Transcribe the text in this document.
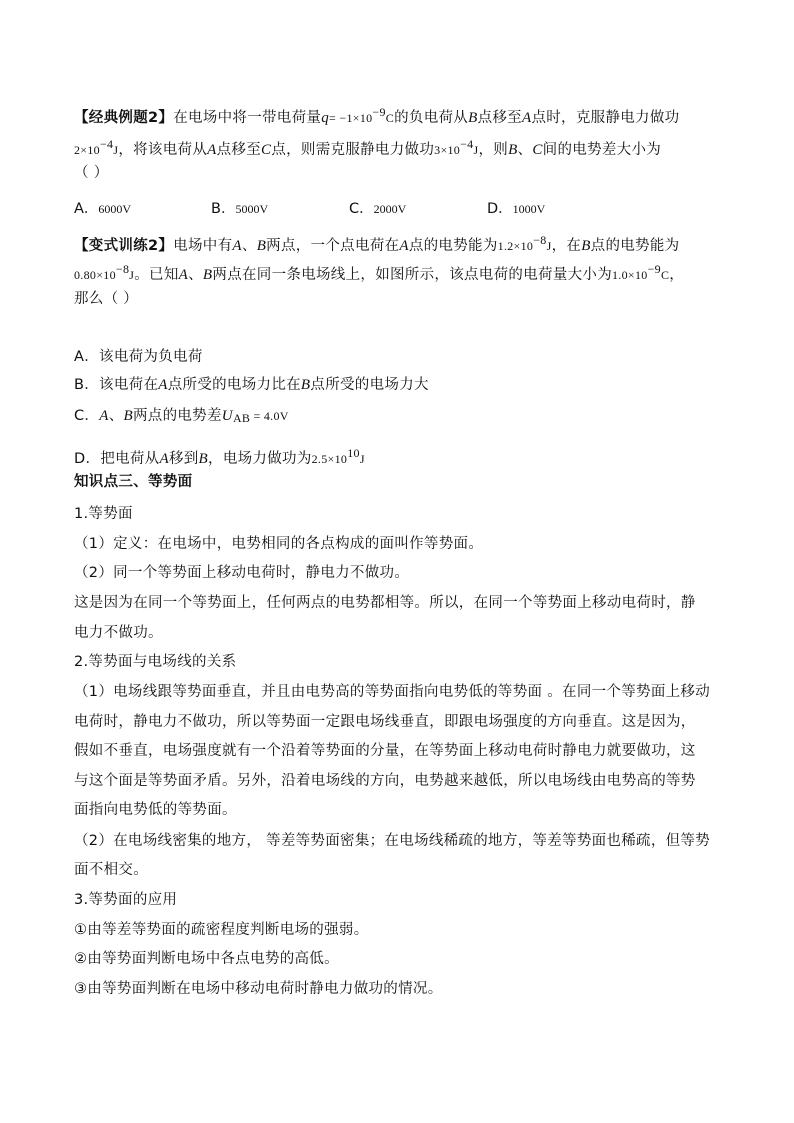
【经典例题2】在电场中将一带电荷量$q= -1\times 10^{-9}C$的负电荷从B点移至A点时，克服静电力做功
$2\times 10^{-4}J$，将该电荷从A点移至C点，则需克服静电力做功$3\times 10^{-4}J$，则B、C间的电势差大小为
（ ）
A．6000V	B．5000V	C．2000V	D．1000V
【变式训练2】电场中有A、B两点，一个点电荷在A点的电势能为$1.2\times 10^{-8}J$，在B点的电势能为
$0.80\times 10^{-8}J$。已知A、B两点在同一条电场线上，如图所示，该点电荷的电荷量大小为$1.0\times 10^{-9}C$，
那么（ ）
A．该电荷为负电荷
B．该电荷在A点所受的电场力比在B点所受的电场力大
C．A、B两点的电势差$U_{AB} = 4.0V$
D．把电荷从A移到B，电场力做功为$2.5\times 10^{10}J$
知识点三、等势面
1.等势面
（1）定义：在电场中，电势相同的各点构成的面叫作等势面。
（2）同一个等势面上移动电荷时，静电力不做功。
这是因为在同一个等势面上，任何两点的电势都相等。所以，在同一个等势面上移动电荷时，静
电力不做功。
2.等势面与电场线的关系
（1）电场线跟等势面垂直，并且由电势高的等势面指向电势低的等势面 。在同一个等势面上移动
电荷时，静电力不做功，所以等势面一定跟电场线垂直，即跟电场强度的方向垂直。这是因为，
假如不垂直，电场强度就有一个沿着等势面的分量，在等势面上移动电荷时静电力就要做功，这
与这个面是等势面矛盾。另外，沿着电场线的方向，电势越来越低，所以电场线由电势高的等势
面指向电势低的等势面。
（2）在电场线密集的地方， 等差等势面密集；在电场线稀疏的地方，等差等势面也稀疏，但等势
面不相交。
3.等势面的应用
①由等差等势面的疏密程度判断电场的强弱。
②由等势面判断电场中各点电势的高低。
③由等势面判断在电场中移动电荷时静电力做功的情况。
